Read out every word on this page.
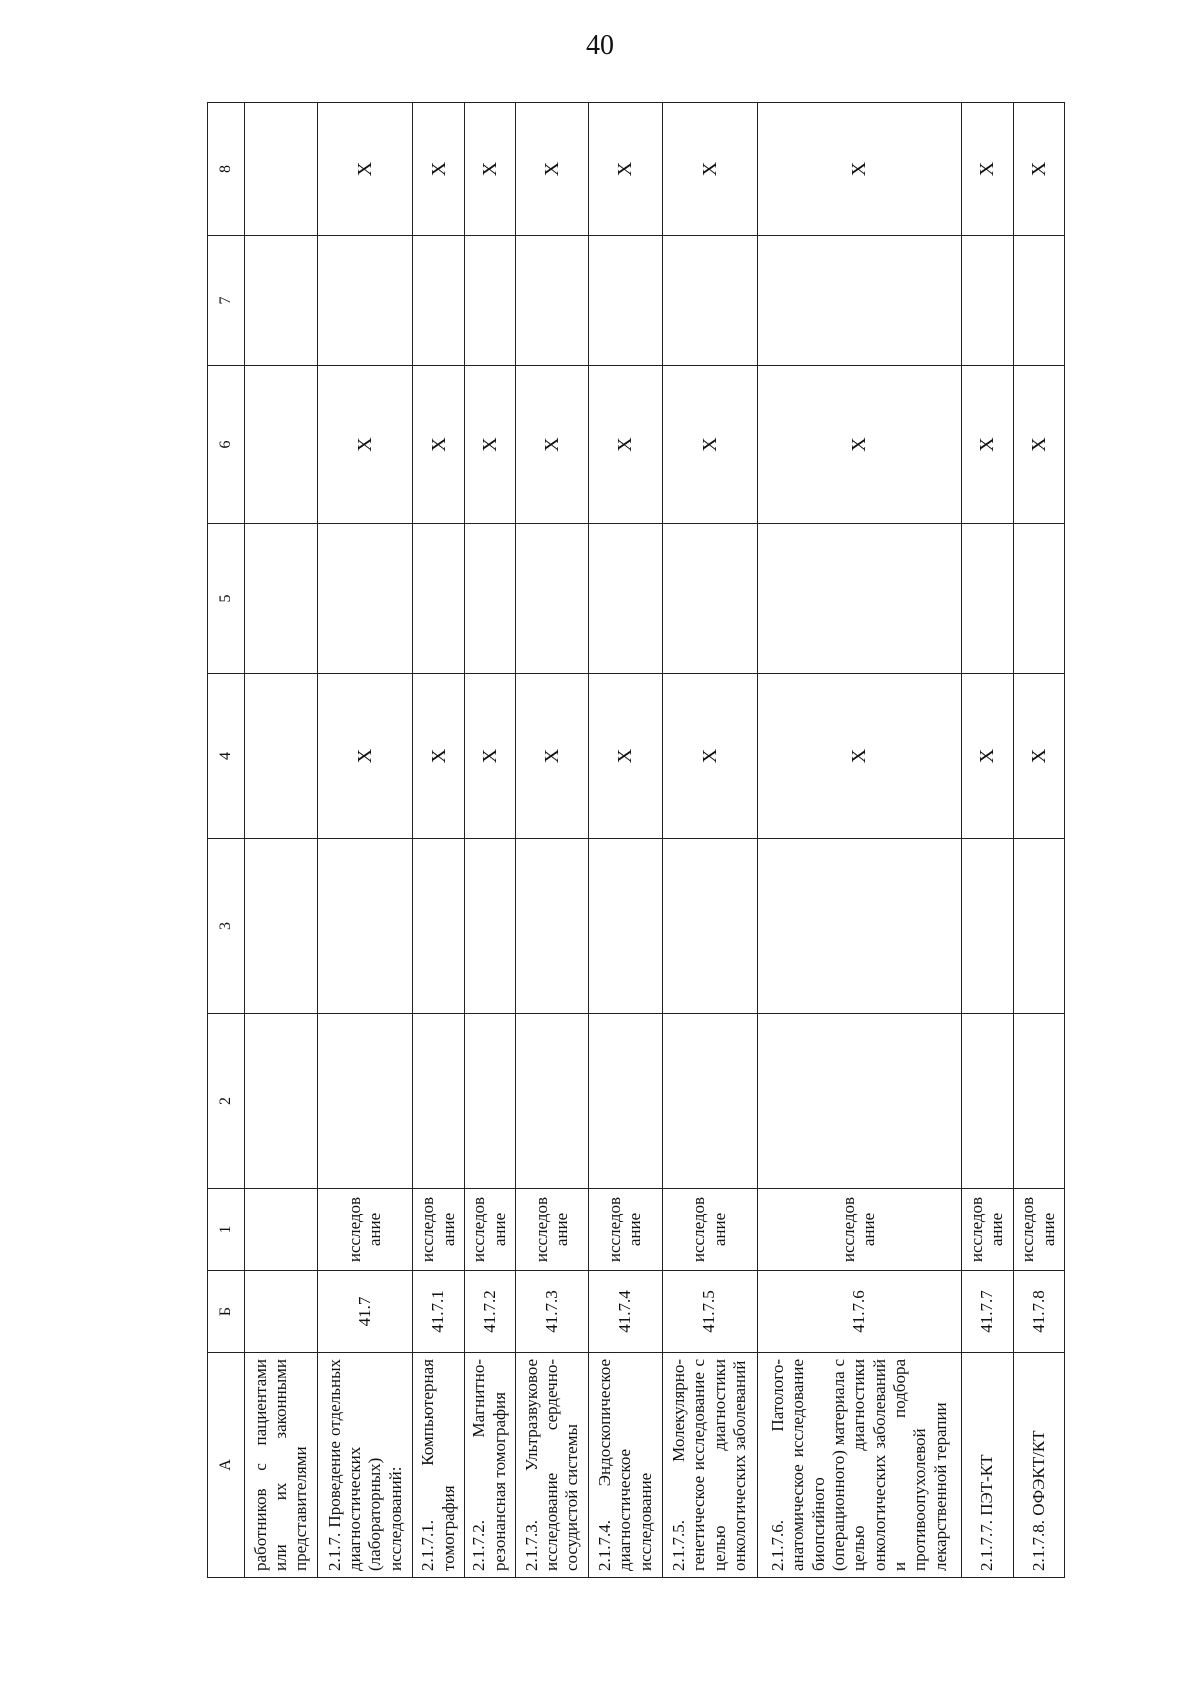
40
А	Б	1	2	3	4	5	6	7	8
работников с пациентами или их законными представителями									
2.1.7. Проведение отдельных диагностических (лабораторных) исследований:	41.7	исследование			Х		Х		Х
2.1.7.1. Компьютерная томография	41.7.1	исследование			Х		Х		Х
2.1.7.2. Магнитно-резонансная томография	41.7.2	исследование			Х		Х		Х
2.1.7.3. Ультразвуковое исследование сердечно-сосудистой системы	41.7.3	исследование			Х		Х		Х
2.1.7.4. Эндоскопическое диагностическое исследование	41.7.4	исследование			Х		Х		Х
2.1.7.5. Молекулярно-генетическое исследование с целью диагностики онкологических заболеваний	41.7.5	исследование			Х		Х		Х
2.1.7.6. Патолого-анатомическое исследование биопсийного (операционного) материала с целью диагностики онкологических заболеваний и подбора противоопухолевой лекарственной терапии	41.7.6	исследование			Х		Х		Х
2.1.7.7. ПЭТ-КТ	41.7.7	исследование			Х		Х		Х
2.1.7.8. ОФЭКТ/КТ	41.7.8	исследование			Х		Х		Х
